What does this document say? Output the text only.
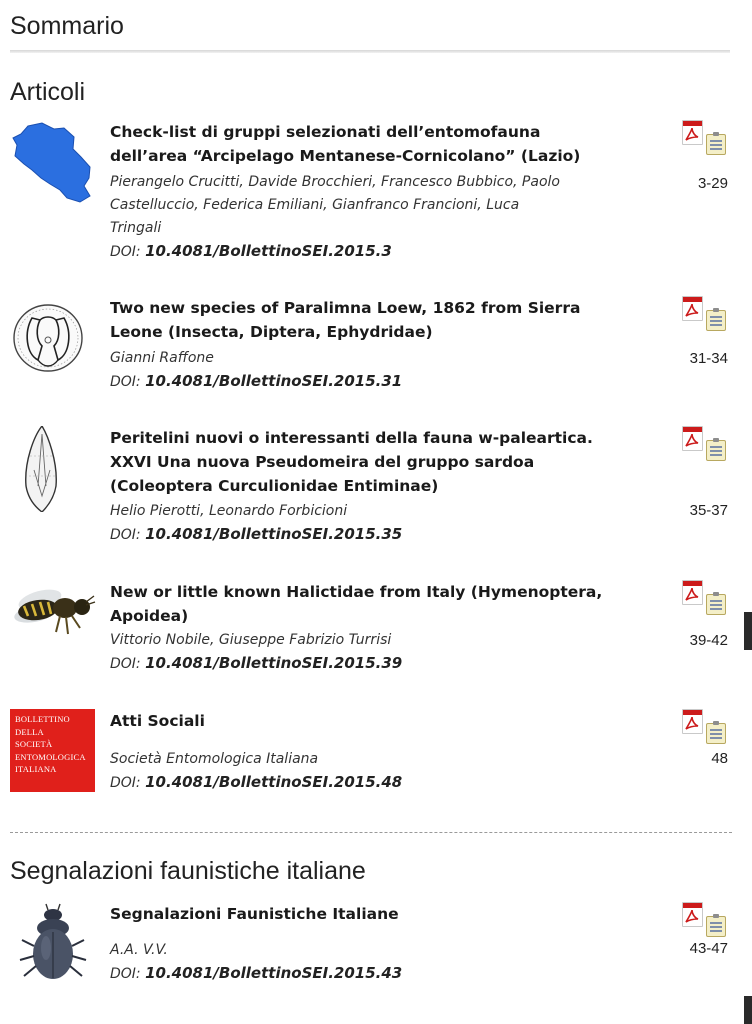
Sommario
Articoli
Check-list di gruppi selezionati dell’entomofauna
dell’area “Arcipelago Mentanese-Cornicolano” (Lazio)
Pierangelo Crucitti, Davide Brocchieri, Francesco Bubbico, Paolo
Castelluccio, Federica Emiliani, Gianfranco Francioni, Luca
Tringali
DOI: 10.4081/BollettinoSEI.2015.3
3-29
Two new species of Paralimna Loew, 1862 from Sierra
Leone (Insecta, Diptera, Ephydridae)
Gianni Raffone
DOI: 10.4081/BollettinoSEI.2015.31
31-34
Peritelini nuovi o interessanti della fauna w-paleartica.
XXVI Una nuova Pseudomeira del gruppo sardoa
(Coleoptera Curculionidae Entiminae)
Helio Pierotti, Leonardo Forbicioni
DOI: 10.4081/BollettinoSEI.2015.35
35-37
New or little known Halictidae from Italy (Hymenoptera,
Apoidea)
Vittorio Nobile, Giuseppe Fabrizio Turrisi
DOI: 10.4081/BollettinoSEI.2015.39
39-42
BOLLETTINO
DELLA
SOCIETÀ
ENTOMOLOGICA
ITALIANA
Atti Sociali
Società Entomologica Italiana
DOI: 10.4081/BollettinoSEI.2015.48
48
Segnalazioni faunistiche italiane
Segnalazioni Faunistiche Italiane
A.A. V.V.
DOI: 10.4081/BollettinoSEI.2015.43
43-47
